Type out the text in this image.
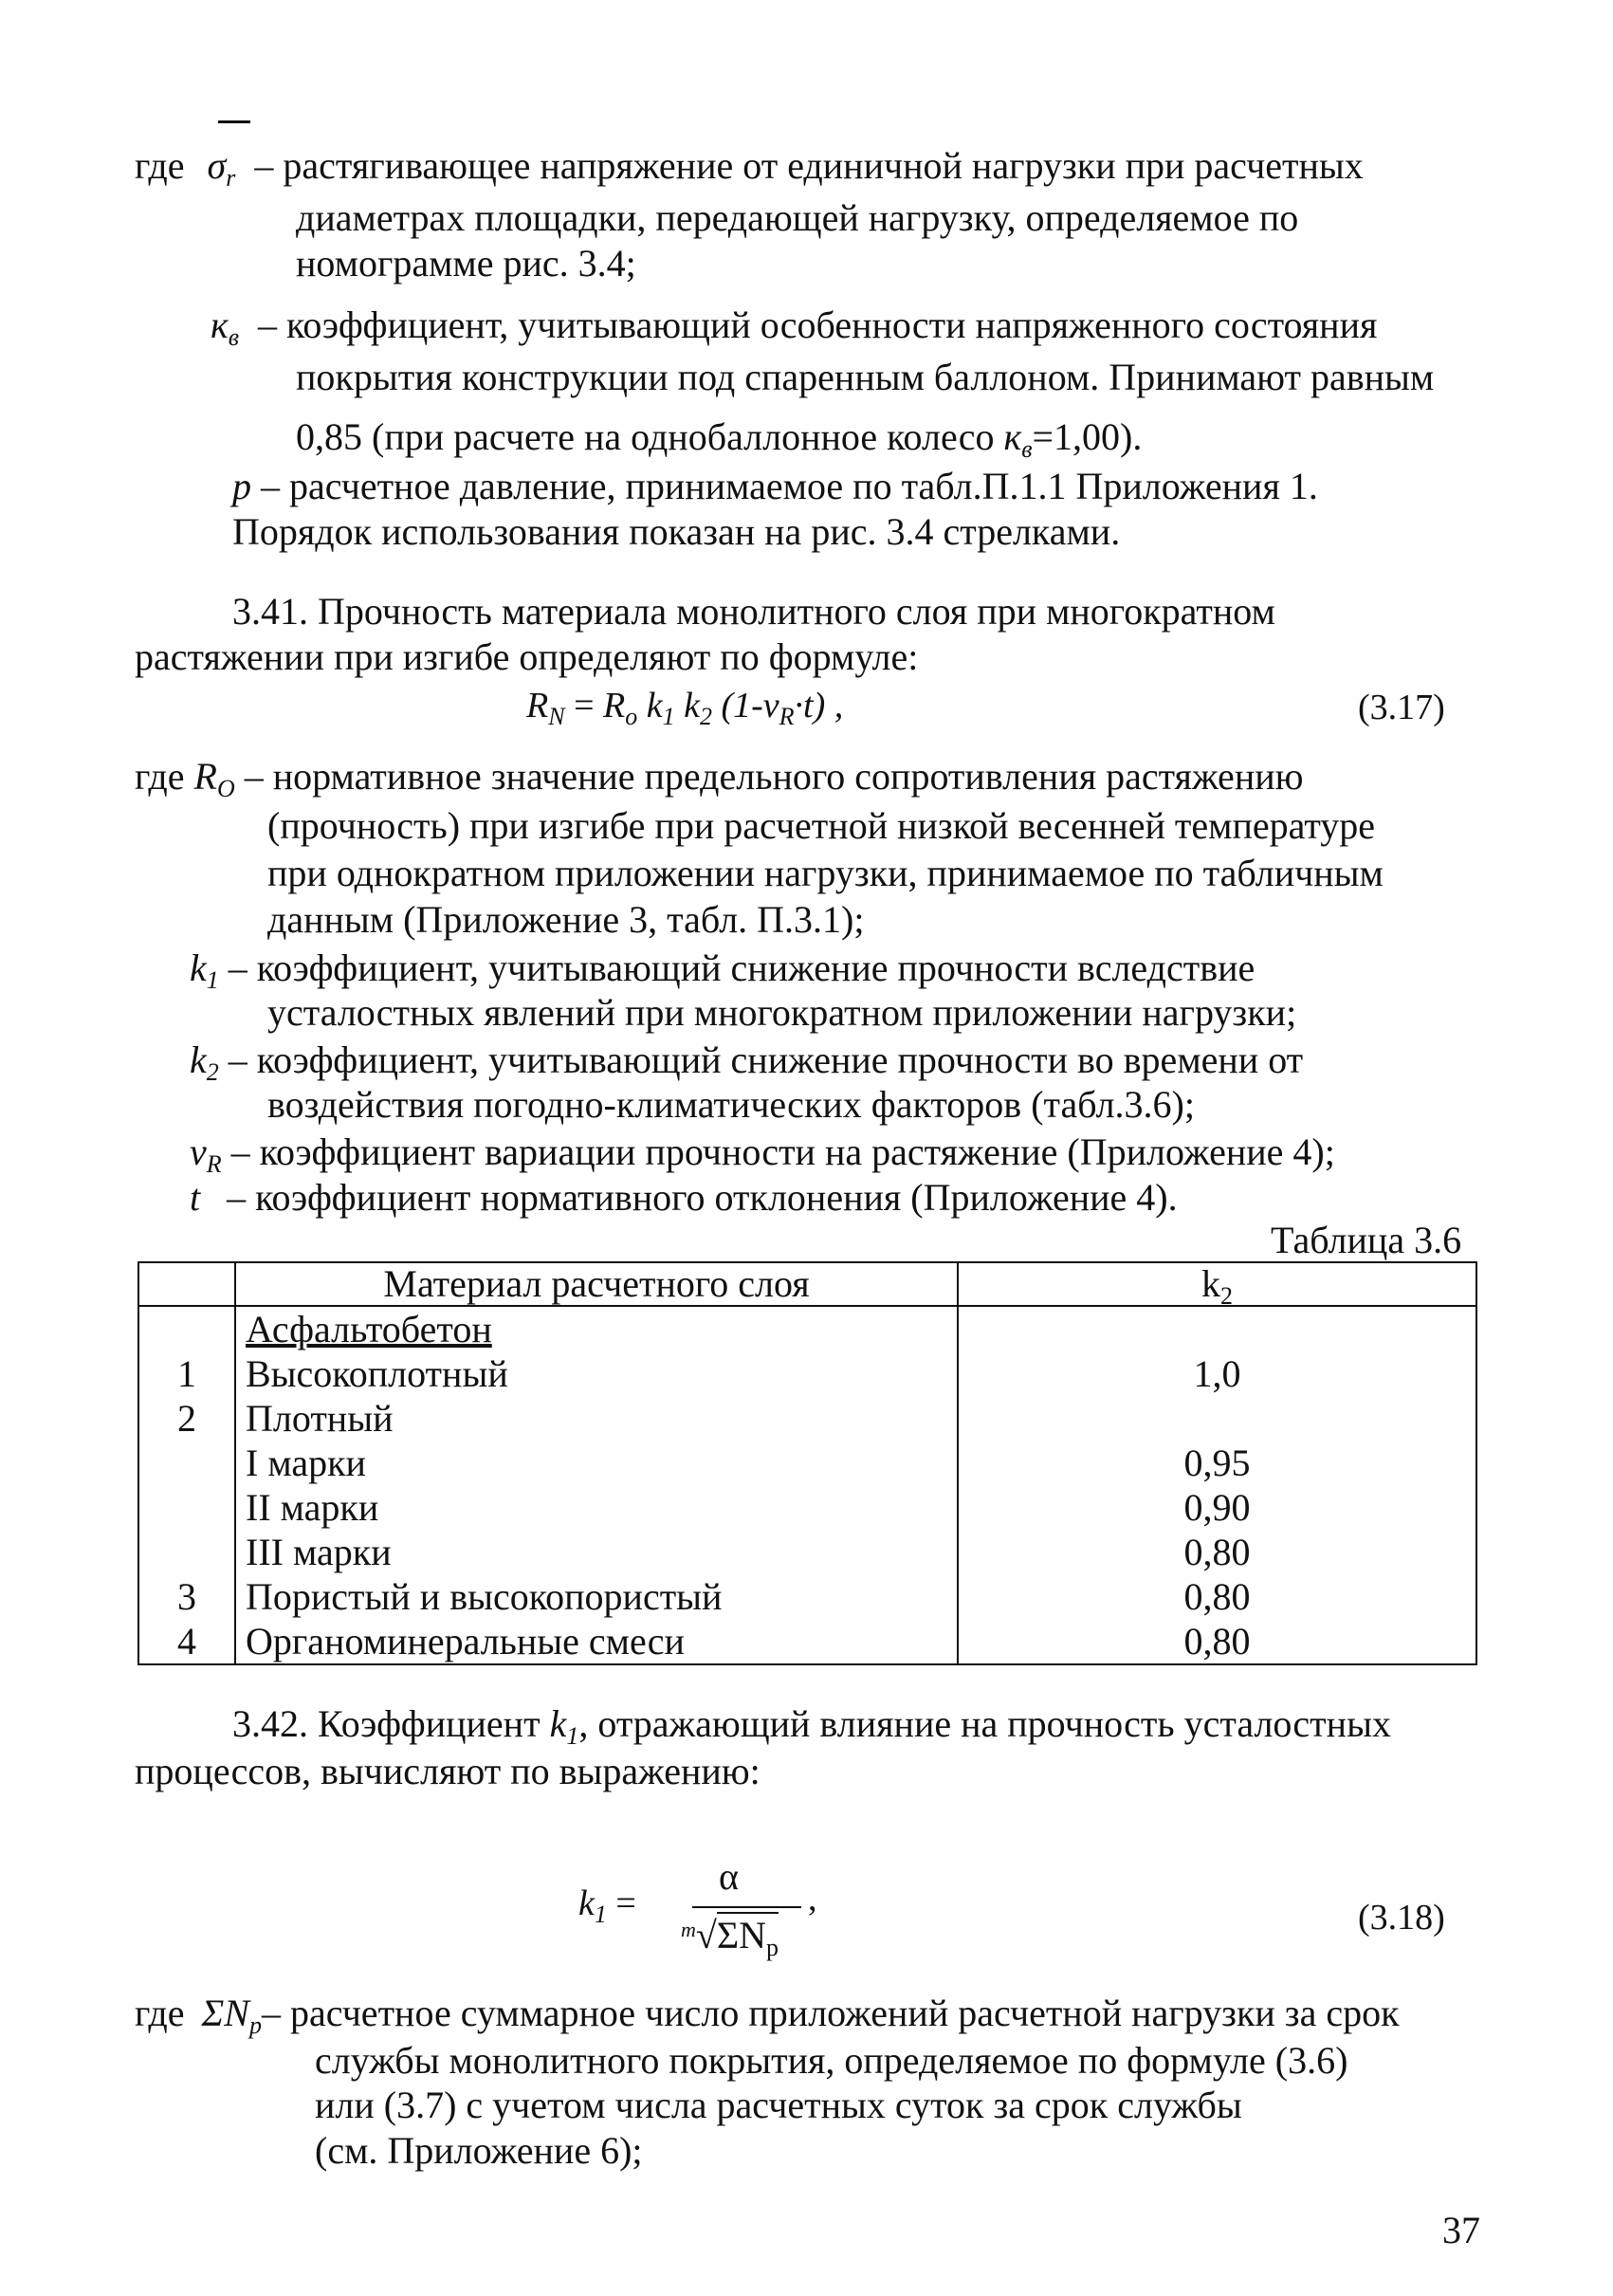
где $\sigma_r$ – растягивающее напряжение от единичной нагрузки при расчетных
диаметрах площадки, передающей нагрузку, определяемое по
номограмме рис. 3.4;
$к_в$ – коэффициент, учитывающий особенности напряженного состояния
покрытия конструкции под спаренным баллоном. Принимают равным
0,85 (при расчете на однобаллонное колесо $к_в=1,00$).
р – расчетное давление, принимаемое по табл.П.1.1 Приложения 1.
Порядок использования показан на рис. 3.4 стрелками.
3.41. Прочность материала монолитного слоя при многократном
растяжении при изгибе определяют по формуле:
$R_N = R_o$ $k_1$ $k_2$ $(1-v_R\cdot t)$ ,	(3.17)
где $R_O$ – нормативное значение предельного сопротивления растяжению
(прочность) при изгибе при расчетной низкой весенней температуре
при однократном приложении нагрузки, принимаемое по табличным
данным (Приложение 3, табл. П.3.1);
$k_1$ – коэффициент, учитывающий снижение прочности вследствие
усталостных явлений при многократном приложении нагрузки;
$k_2$ – коэффициент, учитывающий снижение прочности во времени от
воздействия погодно-климатических факторов (табл.3.6);
$v_R$ – коэффициент вариации прочности на растяжение (Приложение 4);
t – коэффициент нормативного отклонения (Приложение 4).
Таблица 3.6
	Материал расчетного слоя	$k_2$
	Асфальтобетон	
1	Высокоплотный	1,0
2	Плотный	
	I марки	0,95
	II марки	0,90
	III марки	0,80
3	Пористый и высокопористый	0,80
4	Органоминеральные смеси	0,80
3.42. Коэффициент $k_1$, отражающий влияние на прочность усталостных
процессов, вычисляют по выражению:
$k_1$ =
α
$^m√\Sigma N_p$
,	(3.18)
где $\Sigma N_p-$ расчетное суммарное число приложений расчетной нагрузки за срок
службы монолитного покрытия, определяемое по формуле (3.6)
или (3.7) с учетом числа расчетных суток за срок службы
(см. Приложение 6);
37
